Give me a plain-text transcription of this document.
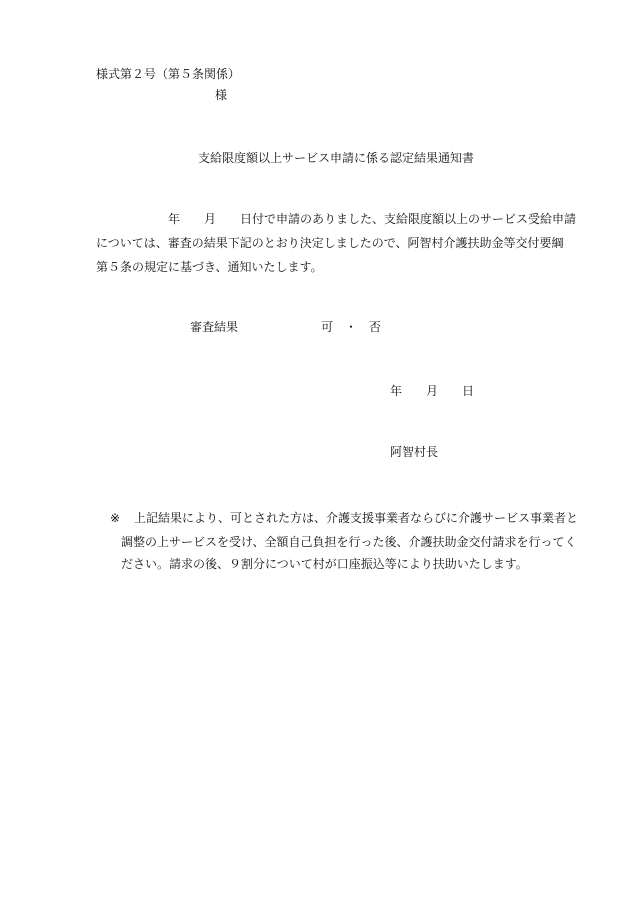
様式第２号（第５条関係）
様
支給限度額以上サービス申請に係る認定結果通知書
年　　月　　日付で申請のありました、支給限度額以上のサービス受給申請
については、審査の結果下記のとおり決定しましたので、阿智村介護扶助金等交付要綱
第５条の規定に基づき、通知いたします。
審査結果	可　・　否
年　　月　　日
阿智村長
※ 上記結果により、可とされた方は、介護支援事業者ならびに介護サービス事業者と
調整の上サービスを受け、全額自己負担を行った後、介護扶助金交付請求を行ってく
ださい。請求の後、９割分について村が口座振込等により扶助いたします。
